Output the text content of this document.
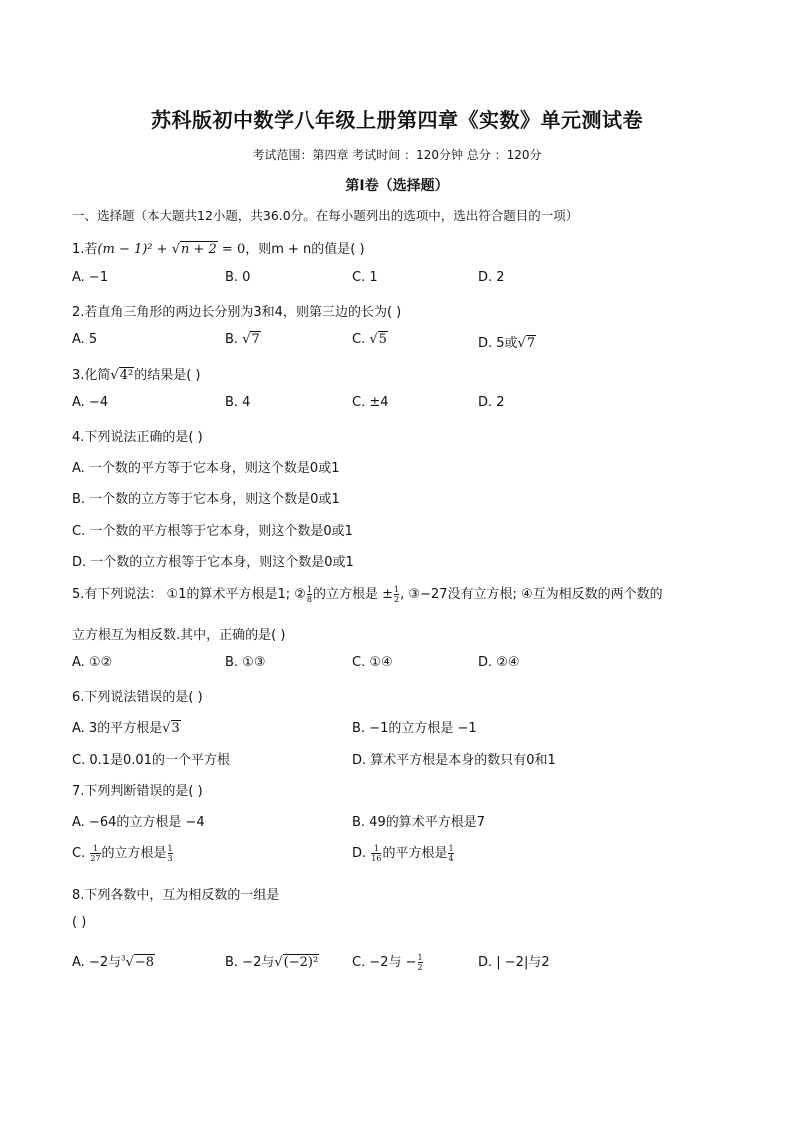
苏科版初中数学八年级上册第四章《实数》单元测试卷
考试范围：第四章 考试时间 ：120分钟 总分 ：120分
第I卷（选择题）
一、选择题（本大题共12小题，共36.0分。在每小题列出的选项中，选出符合题目的一项）
1.若(m − 1)² + √n + 2 = 0，则m + n的值是( )
A. −1	B. 0	C. 1	D. 2
2.若直角三角形的两边长分别为3和4，则第三边的长为( )
A. 5	B. √7	C. √5	D. 5或√7
3.化简√4²的结果是( )
A. −4	B. 4	C. ±4	D. 2
4.下列说法正确的是( )
A. 一个数的平方等于它本身，则这个数是0或1
B. 一个数的立方等于它本身，则这个数是0或1
C. 一个数的平方根等于它本身，则这个数是0或1
D. 一个数的立方根等于它本身，则这个数是0或1
5.有下列说法： ①1的算术平方根是1; ② $\frac{1}{8}$ 的立方根是 ± $\frac{1}{2}$ , ③−27没有立方根; ④互为相反数的两个数的
立方根互为相反数.其中，正确的是( )
A. ①②	B. ①③	C. ①④	D. ②④
6.下列说法错误的是( )
A. 3的平方根是√3	B. −1的立方根是 −1
C. 0.1是0.01的一个平方根	D. 算术平方根是本身的数只有0和1
7.下列判断错误的是( )
A. −64的立方根是 −4	B. 49的算术平方根是7
C. $\frac{1}{27}$ 的立方根是 $\frac{1}{3}$	D. $\frac{1}{16}$ 的平方根是 $\frac{1}{4}$
8.下列各数中，互为相反数的一组是
( )
A. −2与$^3$√−8	B. −2与√(−2)²	C. −2与 − $\frac{1}{2}$	D. | −2|与2
